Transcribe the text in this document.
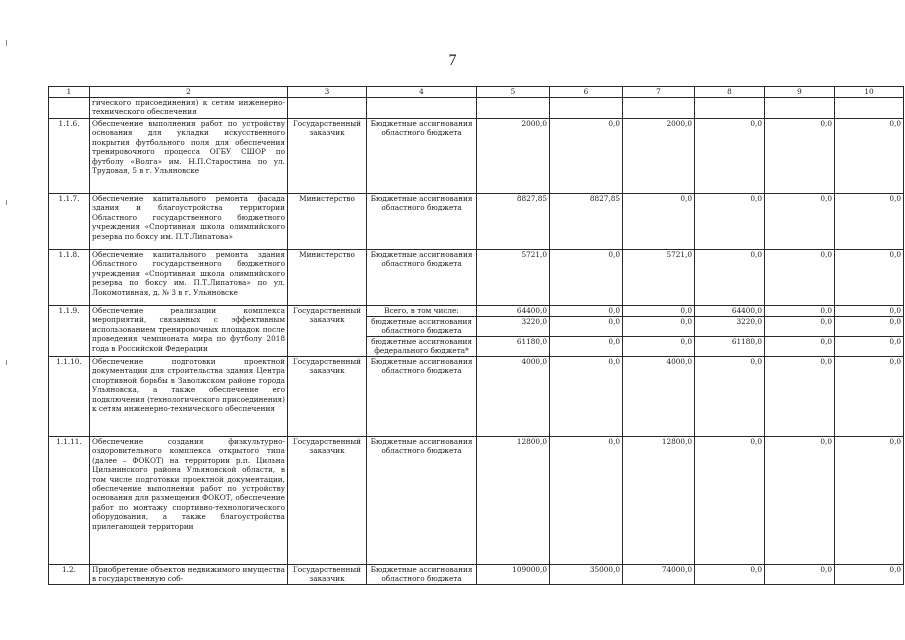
7
1	2	3	4	5	6	7	8	9	10
	гического присоединения) к сетям инженерно-технического обеспечения								
1.1.6.	Обеспечение выполнения работ по устройству основания для укладки искусственного покрытия футбольного поля для обеспечения тренировочного процесса ОГБУ СШОР по футболу «Волга» им. Н.П.Старостина по ул. Трудовая, 5 в г. Ульяновске	Государственный заказчик	Бюджетные ассигнования областного бюджета	2000,0	0,0	2000,0	0,0	0,0	0,0
1.1.7.	Обеспечение капитального ремонта фасада здания и благоустройства территории Областного государственного бюджетного учреждения «Спортивная школа олимпийского резерва по боксу им. П.Т.Липатова»	Министерство	Бюджетные ассигнования областного бюджета	8827,85	8827,85	0,0	0,0	0,0	0,0
1.1.8.	Обеспечение капитального ремонта здания Областного государственного бюджетного учреждения «Спортивная школа олимпийского резерва по боксу им. П.Т.Липатова» по ул. Локомотивная, д. № 3 в г. Ульяновске	Министерство	Бюджетные ассигнования областного бюджета	5721,0	0,0	5721,0	0,0	0,0	0,0
1.1.9.	Обеспечение реализации комплекса мероприятий, связанных с эффективным использованием тренировочных площадок после проведения чемпионата мира по футболу 2018 года в Российской Федерации	Государственный заказчик	Всего, в том числе:	64400,0	0,0	0,0	64400,0	0,0	0,0
			бюджетные ассигнования областного бюджета	3220,0	0,0	0,0	3220,0	0,0	0,0
			бюджетные ассигнования федерального бюджета*	61180,0	0,0	0,0	61180,0	0,0	0,0
1.1.10.	Обеспечение подготовки проектной документации для строительства здания Центра спортивной борьбы в Заволжском районе города Ульяновска, а также обеспечение его подключения (технологического присоединения) к сетям инженерно-технического обеспечения	Государственный заказчик	Бюджетные ассигнования областного бюджета	4000,0	0,0	4000,0	0,0	0,0	0,0
1.1.11.	Обеспечение создания физкультурно-оздоровительного комплекса открытого типа (далее – ФОКОТ) на территории р.п. Цильна Цильнинского района Ульяновской области, в том числе подготовки проектной документации, обеспечение выполнения работ по устройству основания для размещения ФОКОТ, обеспечение работ по монтажу спортивно-технологического оборудования, а также благоустройства прилегающей территории	Государственный заказчик	Бюджетные ассигнования областного бюджета	12800,0	0,0	12800,0	0,0	0,0	0,0
1.2.	Приобретение объектов недвижимого имущества в государственную соб-	Государственный заказчик	Бюджетные ассигнования областного бюджета	109000,0	35000,0	74000,0	0,0	0,0	0,0
